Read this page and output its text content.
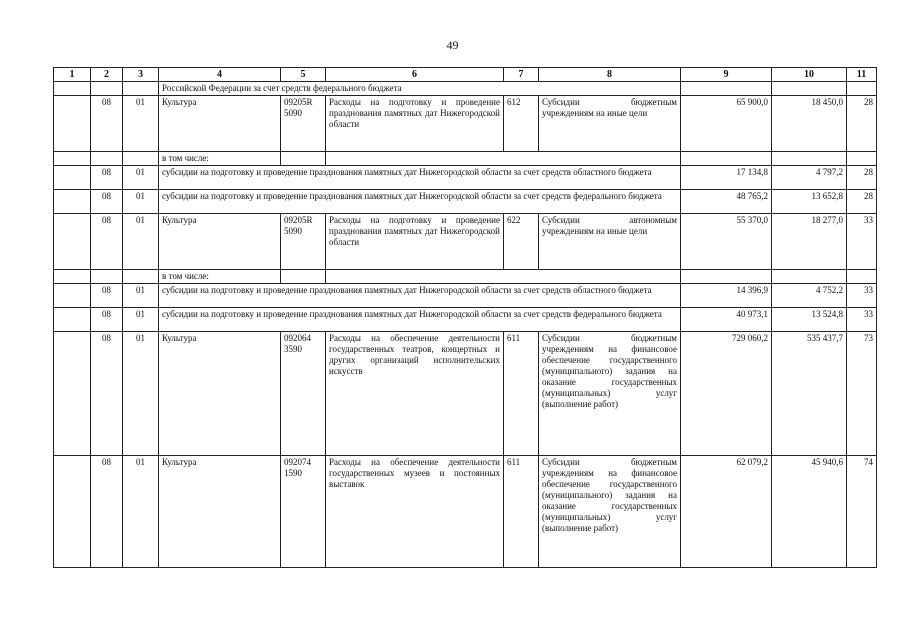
49
1	2	3	4	5	6	7	8	9	10	11
			Российской Федерации за счет средств федерального бюджета							
	08	01	Культура	09205R 5090	Расходы на подготовку и проведение празднования памятных дат Нижегородской области	612	Субсидии бюджетным учреждениям на иные цели	65 900,0	18 450,0	28
			в том числе:							
	08	01	субсидии на подготовку и проведение празднования памятных дат Нижегородской области за счет средств областного бюджета					17 134,8	4 797,2	28
	08	01	субсидии на подготовку и проведение празднования памятных дат Нижегородской области за счет средств федерального бюджета					48 765,2	13 652,8	28
	08	01	Культура	09205R 5090	Расходы на подготовку и проведение празднования памятных дат Нижегородской области	622	Субсидии автономным учреждениям на иные цели	55 370,0	18 277,0	33
			в том числе:							
	08	01	субсидии на подготовку и проведение празднования памятных дат Нижегородской области за счет средств областного бюджета					14 396,9	4 752,2	33
	08	01	субсидии на подготовку и проведение празднования памятных дат Нижегородской области за счет средств федерального бюджета					40 973,1	13 524,8	33
	08	01	Культура	092064 3590	Расходы на обеспечение деятельности государственных театров, концертных и других организаций исполнительских искусств	611	Субсидии бюджетным учреждениям на финансовое обеспечение государственного (муниципального) задания на оказание государственных (муниципальных) услуг (выполнение работ)	729 060,2	535 437,7	73
	08	01	Культура	092074 1590	Расходы на обеспечение деятельности государственных музеев и постоянных выставок	611	Субсидии бюджетным учреждениям на финансовое обеспечение государственного (муниципального) задания на оказание государственных (муниципальных) услуг (выполнение работ)	62 079,2	45 940,6	74
